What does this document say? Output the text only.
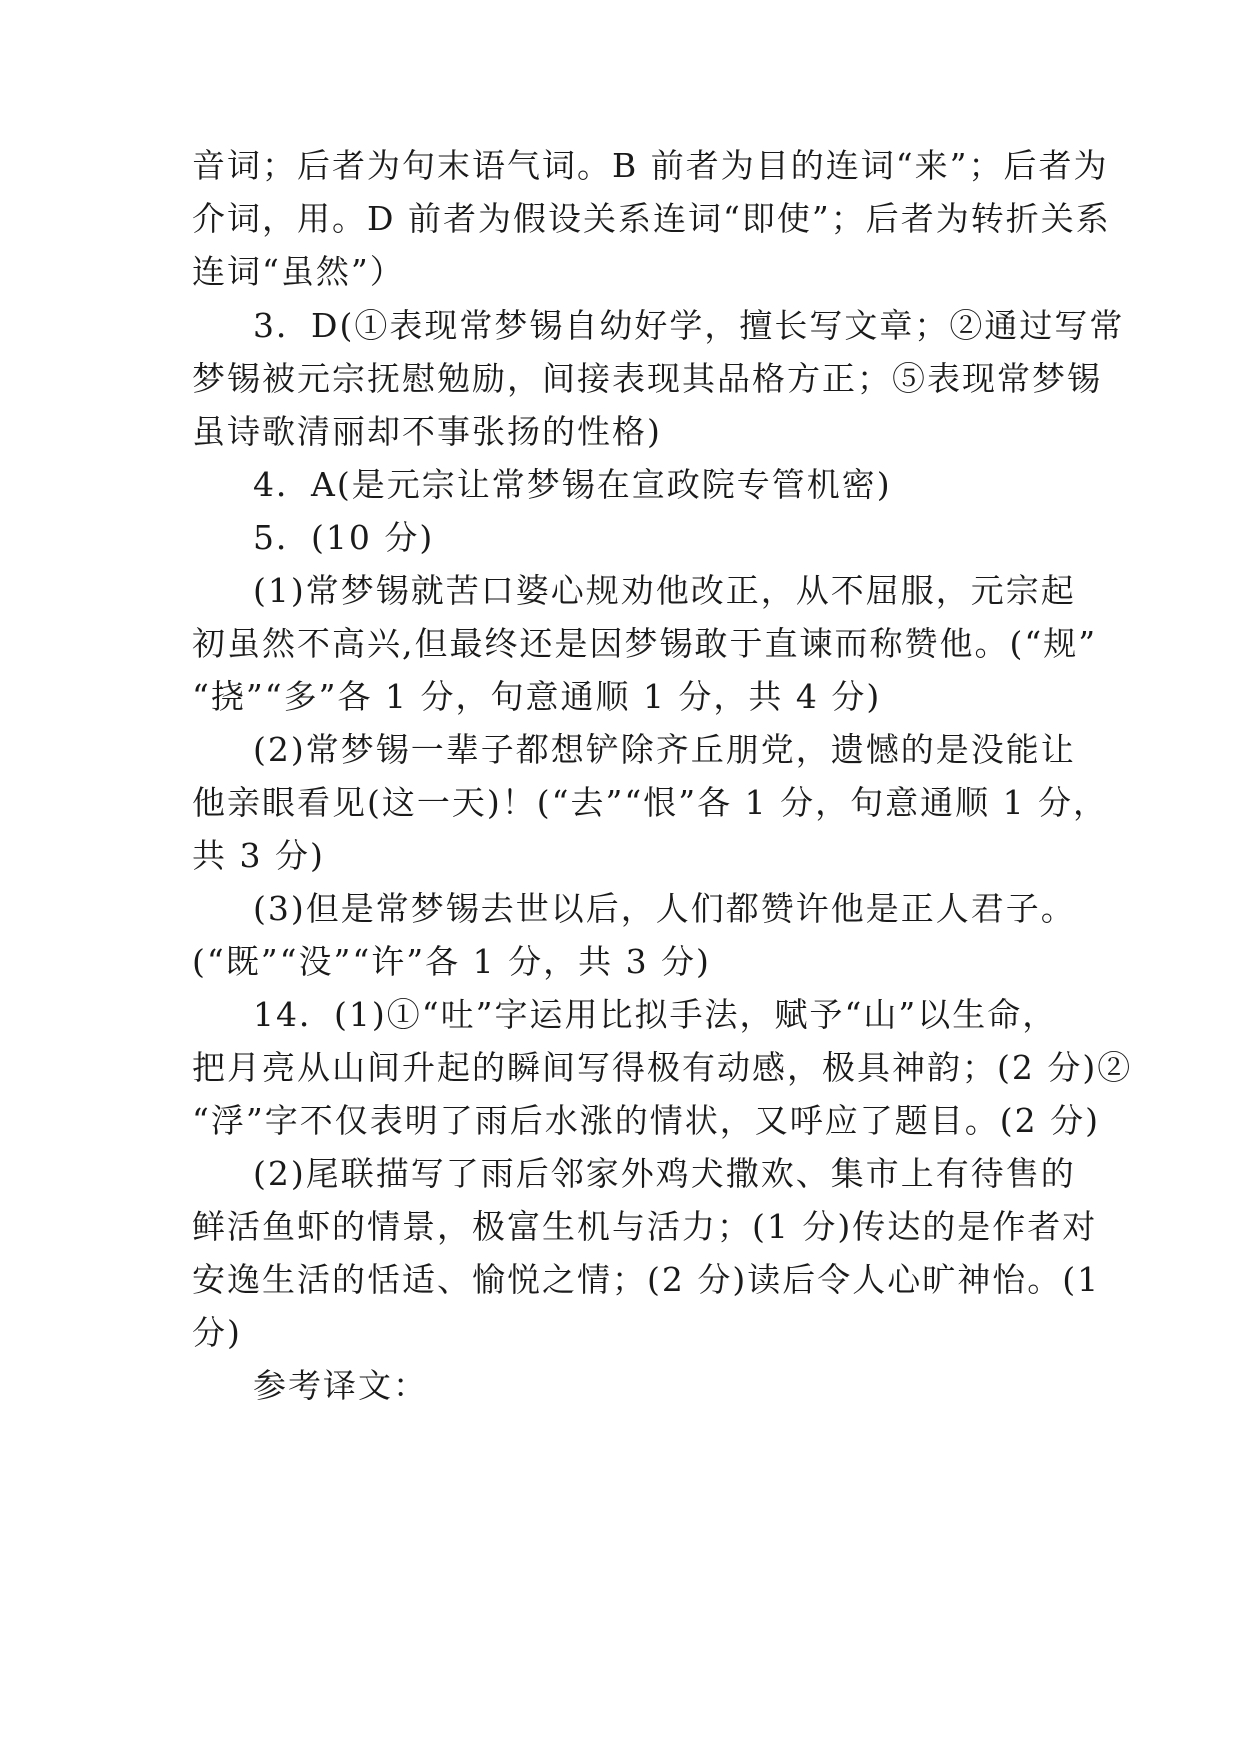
音词；后者为句末语气词。B 前者为目的连词“来”；后者为
介词，用。D 前者为假设关系连词“即使”；后者为转折关系
连词“虽然”）
3．D(①表现常梦锡自幼好学，擅长写文章；②通过写常
梦锡被元宗抚慰勉励，间接表现其品格方正；⑤表现常梦锡
虽诗歌清丽却不事张扬的性格)
4．A(是元宗让常梦锡在宣政院专管机密)
5．(10 分)
(1)常梦锡就苦口婆心规劝他改正，从不屈服，元宗起
初虽然不高兴,但最终还是因梦锡敢于直谏而称赞他。(“规”
“挠”“多”各 1 分，句意通顺 1 分，共 4 分)
(2)常梦锡一辈子都想铲除齐丘朋党，遗憾的是没能让
他亲眼看见(这一天)！(“去”“恨”各 1 分，句意通顺 1 分，
共 3 分)
(3)但是常梦锡去世以后，人们都赞许他是正人君子。
(“既”“没”“许”各 1 分，共 3 分)
14．(1)①“吐”字运用比拟手法，赋予“山”以生命，
把月亮从山间升起的瞬间写得极有动感，极具神韵；(2 分)②
“浮”字不仅表明了雨后水涨的情状，又呼应了题目。(2 分)
(2)尾联描写了雨后邻家外鸡犬撒欢、集市上有待售的
鲜活鱼虾的情景，极富生机与活力；(1 分)传达的是作者对
安逸生活的恬适、愉悦之情；(2 分)读后令人心旷神怡。(1
分)
参考译文：
